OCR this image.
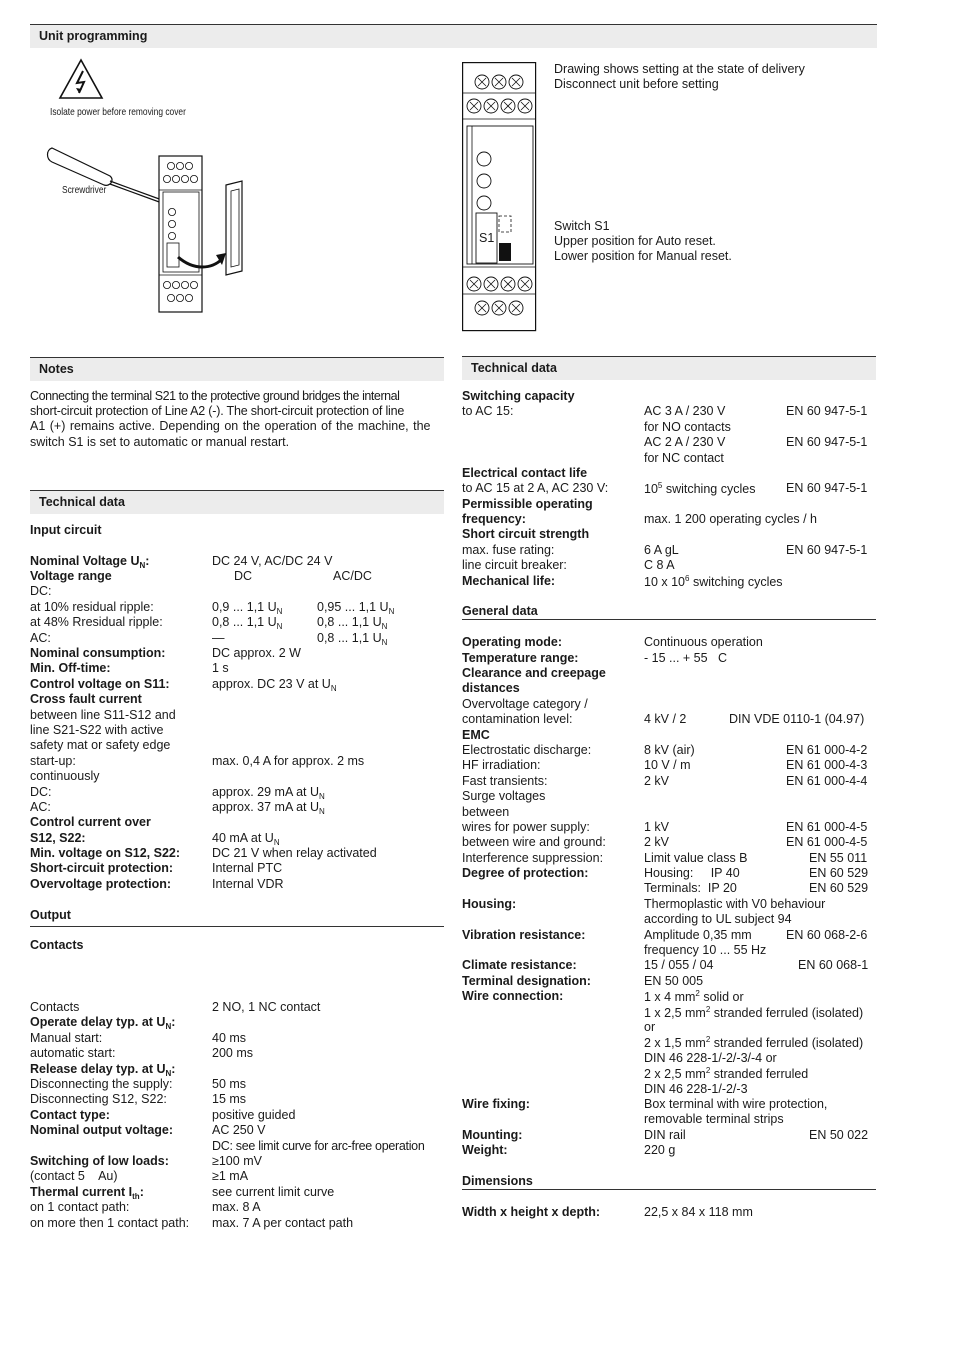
Unit programming
Isolate power before removing cover
Screwdriver
S1
Drawing shows setting at the state of delivery
Disconnect unit before setting
Switch S1
Upper position for Auto reset.
Lower position for Manual reset.
Notes
Connecting the terminal S21 to the protective ground bridges the internal
short-circuit protection of Line A2 (-). The short-circuit protection of line
A1 (+) remains active. Depending on the operation of the machine, the
switch S1 is set to automatic or manual restart.
Technical data
Input circuit
Nominal Voltage $U_N$:	DC 24 V, AC/DC 24 V
Voltage range	DC	AC/DC
DC:
at 10% residual ripple:	0,9 ... 1,1 $U_N$	0,95 ... 1,1 $U_N$
at 48% Rresidual ripple:	0,8 ... 1,1 $U_N$	0,8 ... 1,1 $U_N$
AC:	—	0,8 ... 1,1 $U_N$
Nominal consumption:	DC approx. 2 W
Min. Off-time:	1 s
Control voltage on S11:	approx. DC 23 V at $U_N$
Cross fault current
between line S11-S12 and
line S21-S22 with active
safety mat or safety edge
start-up:	max. 0,4 A for approx. 2 ms
continuously
DC:	approx. 29 mA at $U_N$
AC:	approx. 37 mA at $U_N$
Control current over
S12, S22:	40 mA at $U_N$
Min. voltage on S12, S22:	DC 21 V when relay activated
Short-circuit protection:	Internal PTC
Overvoltage protection:	Internal VDR
Output
Contacts
Contacts	2 NO, 1 NC contact
Operate delay typ. at $U_N$:
Manual start:	40 ms
automatic start:	200 ms
Release delay typ. at $U_N$:
Disconnecting the supply:	50 ms
Disconnecting S12, S22:	15 ms
Contact type:	positive guided
Nominal output voltage:	AC 250 V
DC: see limit curve for arc-free operation
Switching of low loads:	≥100 mV
(contact 5    Au)	≥1 mA
Thermal current $I_{th}$:	see current limit curve
on 1 contact path:	max. 8 A
on more then 1 contact path: max. 7 A per contact path
Technical data
Switching capacity
to AC 15:	AC 3 A / 230 V	EN 60 947-5-1
for NO contacts
AC 2 A / 230 V	EN 60 947-5-1
for NC contact
Electrical contact life
to AC 15 at 2 A, AC 230 V:	$10^5$ switching cycles EN 60 947-5-1
Permissible operating
frequency:	max. 1 200 operating cycles / h
Short circuit strength
max. fuse rating:	6 A gL	EN 60 947-5-1
line circuit breaker:	C 8 A
Mechanical life:	10 x $10^6$ switching cycles
General data
Operating mode:	Continuous operation
Temperature range:	- 15 ... + 55   C
Clearance and creepage
distances
Overvoltage category /
contamination level:	4 kV / 2	DIN VDE 0110-1 (04.97)
EMC
Electrostatic discharge:	8 kV (air)	EN 61 000-4-2
HF irradiation:	10 V / m	EN 61 000-4-3
Fast transients:	2 kV	EN 61 000-4-4
Surge voltages
between
wires for power supply:	1 kV	EN 61 000-4-5
between wire and ground:	2 kV	EN 61 000-4-5
Interference suppression:	Limit value class B	EN 55 011
Degree of protection:	Housing:     IP 40	EN 60 529
Terminals:  IP 20	EN 60 529
Housing:	Thermoplastic with V0 behaviour
according to UL subject 94
Vibration resistance:	Amplitude 0,35 mm	EN 60 068-2-6
frequency 10 ... 55 Hz
Climate resistance:	15 / 055 / 04	EN 60 068-1
Terminal designation:	EN 50 005
Wire connection:	1 x 4 $mm^2$ solid or
1 x 2,5 $mm^2$ stranded ferruled (isolated)
or
2 x 1,5 $mm^2$ stranded ferruled (isolated)
DIN 46 228-1/-2/-3/-4 or
2 x 2,5 $mm^2$ stranded ferruled
DIN 46 228-1/-2/-3
Wire fixing:	Box terminal with wire protection,
removable terminal strips
Mounting:	DIN rail	EN 50 022
Weight:	220 g
Dimensions
Width x height x depth:	22,5 x 84 x 118 mm
